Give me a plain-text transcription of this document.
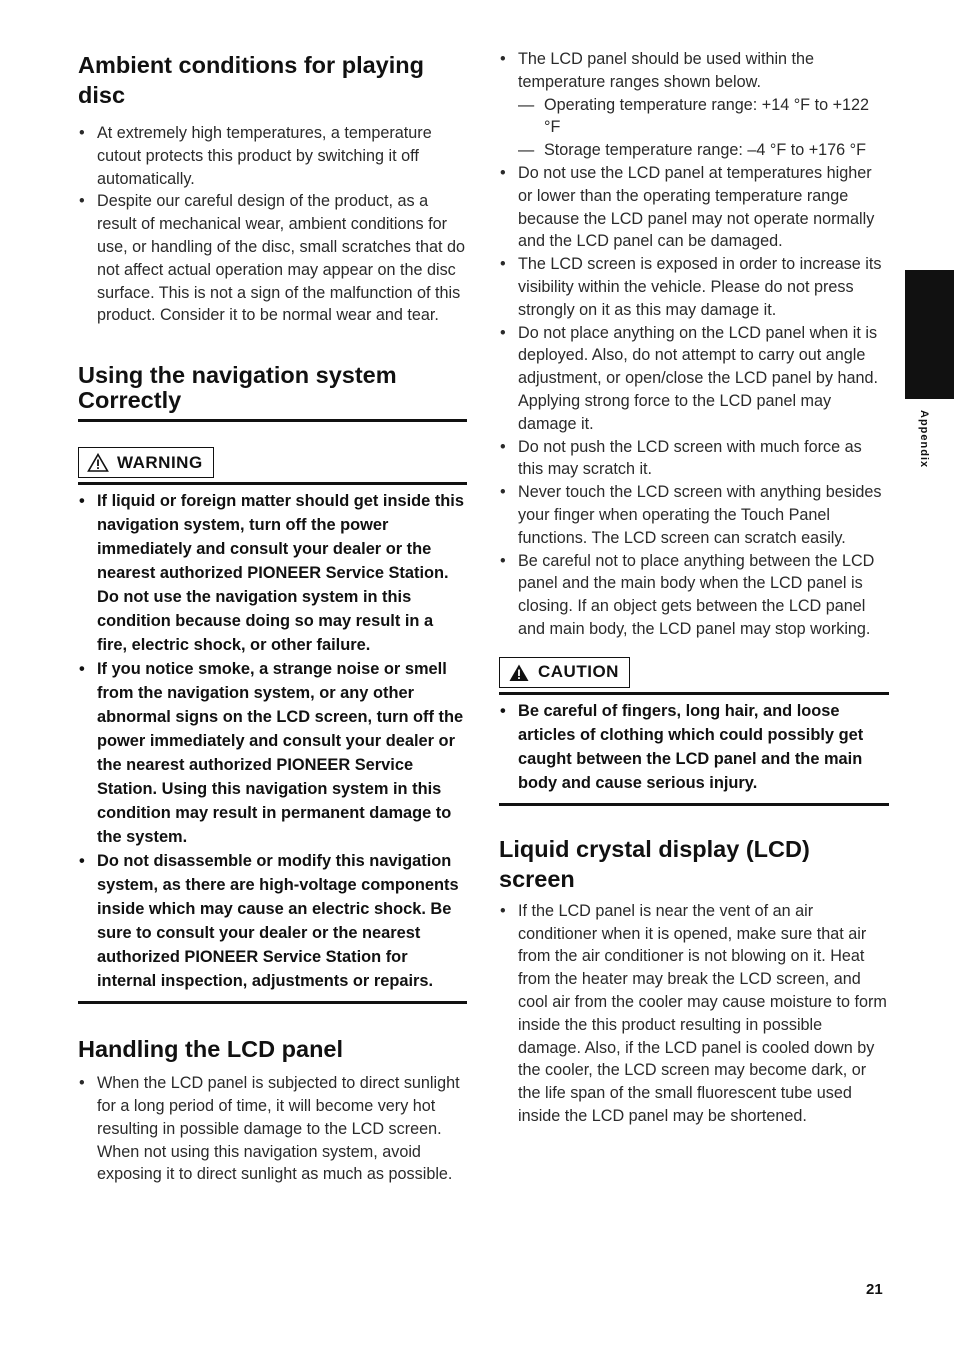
Appendix
Ambient conditions for playing disc
• At extremely high temperatures, a temperature cutout protects this product by switching it off automatically.
• Despite our careful design of the product, as a result of mechanical wear, ambient conditions for use, or handling of the disc, small scratches that do not affect actual operation may appear on the disc surface. This is not a sign of the malfunction of this product. Consider it to be normal wear and tear.
Using the navigation system Correctly
WARNING
• If liquid or foreign matter should get inside this navigation system, turn off the power immediately and consult your dealer or the nearest authorized PIONEER Service Station. Do not use the navigation system in this condition because doing so may result in a fire, electric shock, or other failure.
• If you notice smoke, a strange noise or smell from the navigation system, or any other abnormal signs on the LCD screen, turn off the power immediately and consult your dealer or the nearest authorized PIONEER Service Station. Using this navigation system in this condition may result in permanent damage to the system.
• Do not disassemble or modify this navigation system, as there are high-voltage components inside which may cause an electric shock. Be sure to consult your dealer or the nearest authorized PIONEER Service Station for internal inspection, adjustments or repairs.
Handling the LCD panel
• When the LCD panel is subjected to direct sunlight for a long period of time, it will become very hot resulting in possible damage to the LCD screen. When not using this navigation system, avoid exposing it to direct sunlight as much as possible.
• The LCD panel should be used within the temperature ranges shown below.
— Operating temperature range: +14 °F to +122 °F
— Storage temperature range: –4 °F to +176 °F
• Do not use the LCD panel at temperatures higher or lower than the operating temperature range because the LCD panel may not operate normally and the LCD panel can be damaged.
• The LCD screen is exposed in order to increase its visibility within the vehicle. Please do not press strongly on it as this may damage it.
• Do not place anything on the LCD panel when it is deployed. Also, do not attempt to carry out angle adjustment, or open/close the LCD panel by hand. Applying strong force to the LCD panel may damage it.
• Do not push the LCD screen with much force as this may scratch it.
• Never touch the LCD screen with anything besides your finger when operating the Touch Panel functions. The LCD screen can scratch easily.
• Be careful not to place anything between the LCD panel and the main body when the LCD panel is closing. If an object gets between the LCD panel and main body, the LCD panel may stop working.
CAUTION
• Be careful of fingers, long hair, and loose articles of clothing which could possibly get caught between the LCD panel and the main body and cause serious injury.
Liquid crystal display (LCD) screen
• If the LCD panel is near the vent of an air conditioner when it is opened, make sure that air from the air conditioner is not blowing on it. Heat from the heater may break the LCD screen, and cool air from the cooler may cause moisture to form inside the this product resulting in possible damage. Also, if the LCD panel is cooled down by the cooler, the LCD screen may become dark, or the life span of the small fluorescent tube used inside the LCD panel may be shortened.
21
